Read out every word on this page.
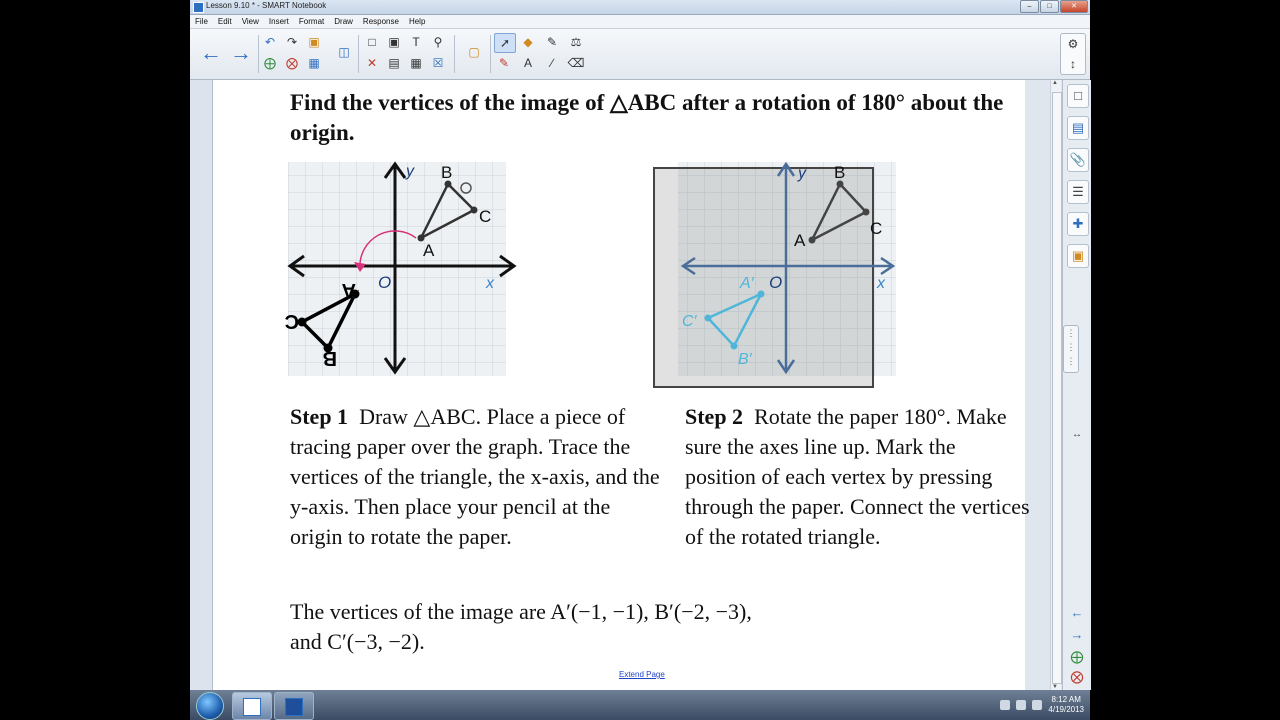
Lesson 9.10 * - SMART Notebook	–	□	✕
File	Edit	View	Insert	Format	Draw	Response	Help
← →	↶ ↷ ▣
⨁ ⨂ ▦
◫
□	▣	T	⚲
✕ ▤ ▦ ☒
▢
➚	◆	✎	⚖
✎	A	∕	⌫
⚙
↕
Find the vertices of the image of △ABC after a rotation of 180° about the origin.
y
x
O
A
B
C
A
B
C
y
x
O
A
B
C
A′
B′
C′
Step 1 Draw △ABC. Place a piece of tracing paper over the graph. Trace the vertices of the triangle, the x-axis, and the y-axis. Then place your pencil at the origin to rotate the paper.
Step 2 Rotate the paper 180°. Make sure the axes line up. Mark the position of each vertex by pressing through the paper. Connect the vertices of the rotated triangle.
The vertices of the image are A′(−1, −1), B′(−2, −3),
and C′(−3, −2).
Extend Page
▲
▼
□
▤
📎
☰
✚
▣
↔
←
→
⨁
⨂
⋮
⋮
⋮
8:12 AM
4/19/2013
